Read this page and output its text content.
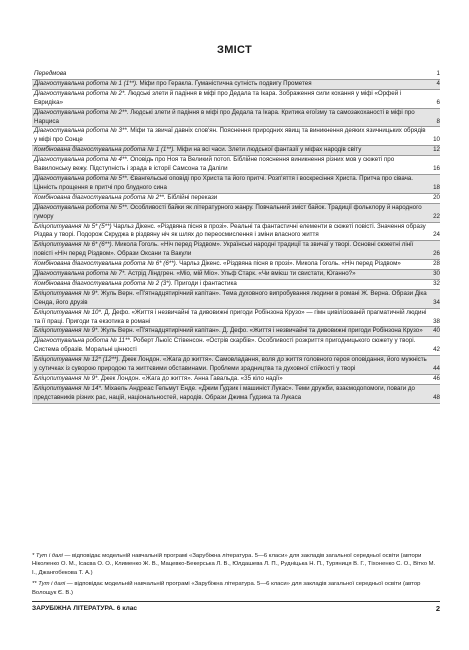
ЗМІСТ
Передмова	1
Діагностувальна робота № 1 (1**). Міфи про Геракла. Гуманістична сутність подвигу Прометея	4
Діагностувальна робота № 2*. Людські злети й падіння в міфі про Дедала та Ікара. Зображення сили кохання у міфі «Орфей і Евридіка»	6
Діагностувальна робота № 2**. Людські злети й падіння в міфі про Дедала та Ікара. Критика егоїзму та самозакоханості в міфі про Нарциса	8
Діагностувальна робота № 3**. Міфи та звичаї давніх слов'ян. Пояснення природних явищ та виникнення деяких язичницьких обрядів у міфі про Сонце	10
Комбінована діагностувальна робота № 1 (1**). Міфи на всі часи. Злети людської фантазії у міфах народів світу	12
Діагностувальна робота № 4**. Оповідь про Ноя та Великий потоп. Біблійне пояснення виникнення різних мов у сюжеті про Вавилонську вежу. Підступність і зрада в історії Самсона та Даліли	16
Діагностувальна робота № 5**. Євангельські оповіді про Христа та його притчі. Розп'яття і воскресіння Христа. Притча про сівача. Цінність прощення в притчі про блудного сина	18
Комбінована діагностувальна робота № 2**. Біблійні перекази	20
Діагностувальна робота № 5**. Особливості байки як літературного жанру. Повчальний зміст байок. Традиції фольклору й народного гумору	22
Бліцопитування № 5* (5**) Чарльз Дікенс. «Різдвяна пісня в прозі». Реальні та фантастичні елементи в сюжеті повісті. Значення образу Різдва у творі. Подорож Скруджа в різдвяну ніч як шлях до переосмислення і зміни власного життя	24
Бліцопитування № 6* (6**). Микола Гоголь. «Ніч перед Різдвом». Українські народні традиції та звичаї у творі. Основні сюжетні лінії повісті «Ніч перед Різдвом». Образи Оксани та Вакули	26
Комбінована діагностувальна робота № 6* (6**). Чарльз Дікенс. «Різдвяна пісня в прозі». Микола Гоголь. «Ніч перед Різдвом»	28
Діагностувальна робота № 7*. Астрід Ліндгрен. «Міо, мій Міо». Ульф Старк. «Чи вмієш ти свистати, Юганно?»	30
Комбінована діагностувальна робота № 2 (3*). Пригоди і фантастика	32
Бліцопитування № 9*. Жуль Верн. «П'ятнадцятирічний капітан». Тема духовного випробування людини в романі Ж. Верна. Образи Діка Сенда, його друзів	34
Бліцопитування № 10*. Д. Дефо. «Життя і незвичайні та дивовижні пригоди Робінзона Крузо» — гімн цивілізованій прагматичній людині та її праці. Пригоди та екзотика в романі	38
Бліцопитування № 9*. Жуль Верн. «П'ятнадцятирічний капітан». Д. Дефо. «Життя і незвичайні та дивовижні пригоди Робінзона Крузо» 40
Діагностувальна робота № 11**. Роберт Льюїс Стівенсон. «Острів скарбів». Особливості розкриття пригодницького сюжету у творі. Система образів. Моральні цінності	42
Бліцопитування № 12* (12**). Джек Лондон. «Жага до життя». Самовладання, воля до життя головного героя оповідання, його мужність у сутичках із суворою природою та життєвими обставинами. Проблеми зрадництва та духовної стійкості у творі	44
Бліцопитування № 9*. Джек Лондон. «Жага до життя». Анна Гавальда. «35 кіло надії»	46
Бліцопитування № 14*. Міхаель Андреас Гельмут Енде. «Джим Ґудзик і машиніст Лукас». Теми дружби, взаємодопомоги, поваги до представників різних рас, націй, національностей, народів. Образи Джима Ґудзика та Лукаса	48
* Тут і далі — відповідає модельній навчальній програмі «Зарубіжна література. 5—6 класи» для закладів загальної середньої освіти (автори Ніколенко О. М., Ісаєва О. О., Клименко Ж. В., Мацевко-Бекерська Л. В., Юлдашева Л. П., Рудніцька Н. П., Туряниця В. Г., Тіхоненко С. О., Вітко М. І., Джангобекова Т. А.)
** Тут і далі — відповідає модельній навчальній програмі «Зарубіжна література. 5—6 класи» для закладів загальної середньої освіти (автор Волощук Є. В.)
ЗАРУБІЖНА ЛІТЕРАТУРА. 6 клас	2
